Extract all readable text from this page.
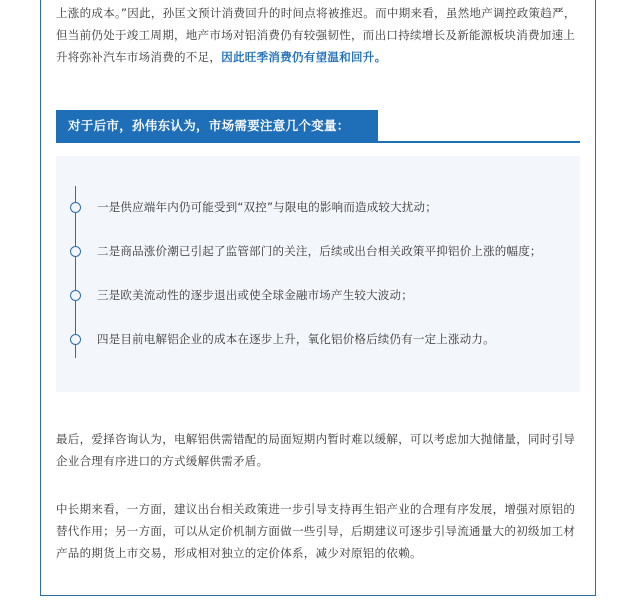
上涨的成本。”因此，孙匡文预计消费回升的时间点将被推迟。而中期来看，虽然地产调控政策趋严，但当前仍处于竣工周期，地产市场对铝消费仍有较强韧性，而出口持续增长及新能源板块消费加速上升将弥补汽车市场消费的不足，因此旺季消费仍有望温和回升。

对于后市，孙伟东认为，市场需要注意几个变量：
一是供应端年内仍可能受到“双控”与限电的影响而造成较大扰动；
二是商品涨价潮已引起了监管部门的关注，后续或出台相关政策平抑铝价上涨的幅度；
三是欧美流动性的逐步退出或使全球金融市场产生较大波动；
四是目前电解铝企业的成本在逐步上升，氧化铝价格后续仍有一定上涨动力。

最后，爱择咨询认为，电解铝供需错配的局面短期内暂时难以缓解，可以考虑加大抛储量，同时引导企业合理有序进口的方式缓解供需矛盾。

中长期来看，一方面，建议出台相关政策进一步引导支持再生铝产业的合理有序发展，增强对原铝的替代作用；另一方面，可以从定价机制方面做一些引导，后期建议可逐步引导流通量大的初级加工材产品的期货上市交易，形成相对独立的定价体系，减少对原铝的依赖。
